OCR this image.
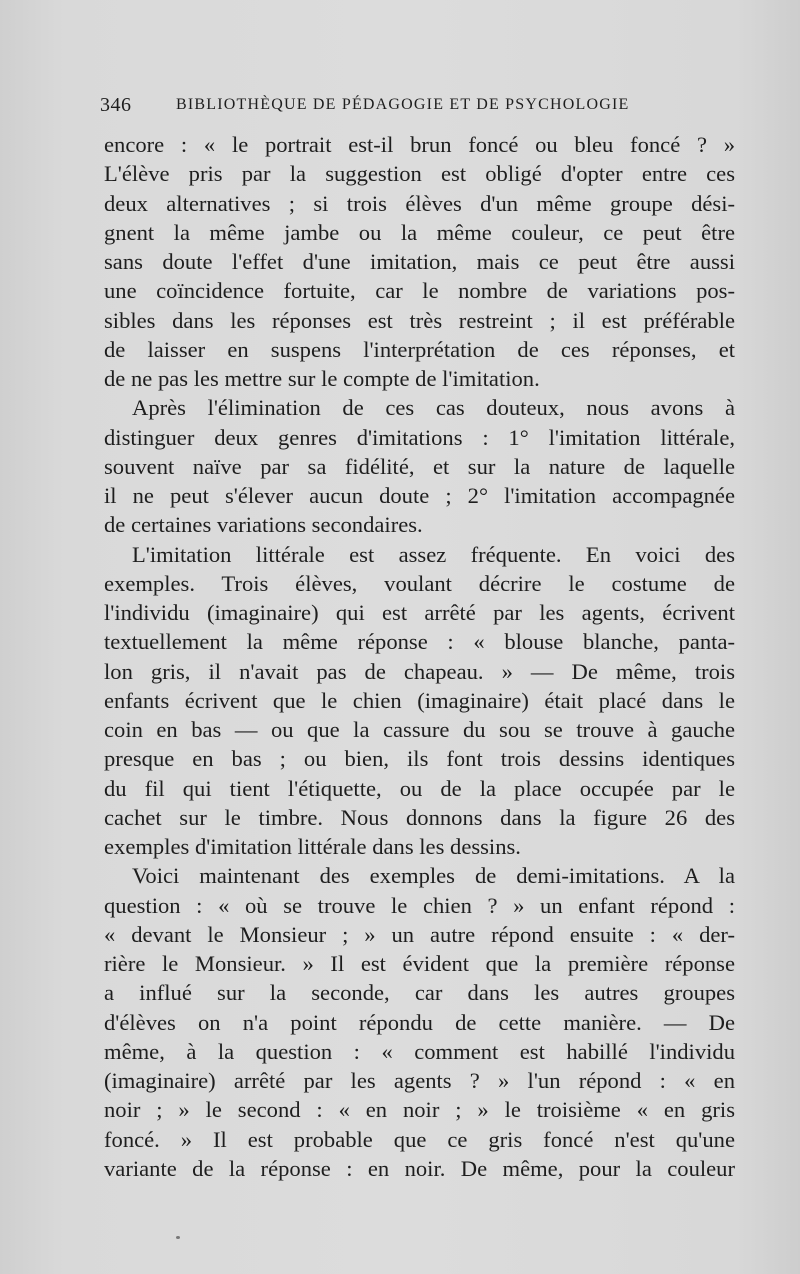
346	BIBLIOTHÈQUE DE PÉDAGOGIE ET DE PSYCHOLOGIE
encore : « le portrait est-il brun foncé ou bleu foncé ? »
L'élève pris par la suggestion est obligé d'opter entre ces
deux alternatives ; si trois élèves d'un même groupe dési-
gnent la même jambe ou la même couleur, ce peut être
sans doute l'effet d'une imitation, mais ce peut être aussi
une coïncidence fortuite, car le nombre de variations pos-
sibles dans les réponses est très restreint ; il est préférable
de laisser en suspens l'interprétation de ces réponses, et
de ne pas les mettre sur le compte de l'imitation.
Après l'élimination de ces cas douteux, nous avons à
distinguer deux genres d'imitations : 1° l'imitation littérale,
souvent naïve par sa fidélité, et sur la nature de laquelle
il ne peut s'élever aucun doute ; 2° l'imitation accompagnée
de certaines variations secondaires.
L'imitation littérale est assez fréquente. En voici des
exemples. Trois élèves, voulant décrire le costume de
l'individu (imaginaire) qui est arrêté par les agents, écrivent
textuellement la même réponse : « blouse blanche, panta-
lon gris, il n'avait pas de chapeau. » — De même, trois
enfants écrivent que le chien (imaginaire) était placé dans le
coin en bas — ou que la cassure du sou se trouve à gauche
presque en bas ; ou bien, ils font trois dessins identiques
du fil qui tient l'étiquette, ou de la place occupée par le
cachet sur le timbre. Nous donnons dans la figure 26 des
exemples d'imitation littérale dans les dessins.
Voici maintenant des exemples de demi-imitations. A la
question : « où se trouve le chien ? » un enfant répond :
« devant le Monsieur ; » un autre répond ensuite : « der-
rière le Monsieur. » Il est évident que la première réponse
a influé sur la seconde, car dans les autres groupes
d'élèves on n'a point répondu de cette manière. — De
même, à la question : « comment est habillé l'individu
(imaginaire) arrêté par les agents ? » l'un répond : « en
noir ; » le second : « en noir ; » le troisième « en gris
foncé. » Il est probable que ce gris foncé n'est qu'une
variante de la réponse : en noir. De même, pour la couleur
